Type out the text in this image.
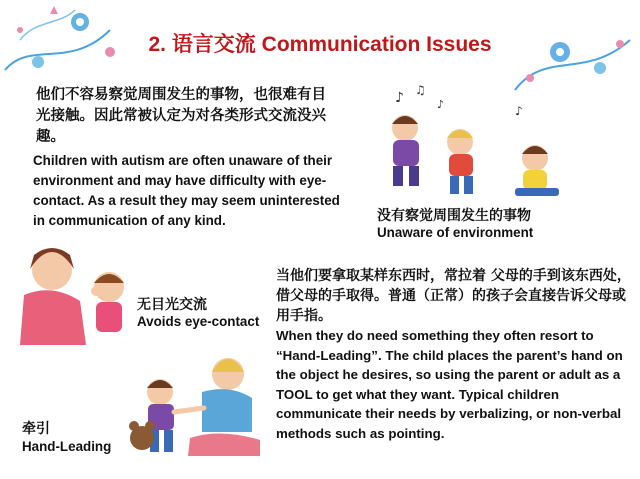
2. 语言交流 Communication Issues
他们不容易察觉周围发生的事物，也很难有目光接触。因此常被认定为对各类形式交流没兴趣。
Children with autism are often unaware of their environment and may have difficulty with eye-contact. As a result they may seem uninterested in communication of any kind.
♪ ♫
♪	♪
没有察觉周围发生的事物
Unaware of environment
无目光交流
Avoids eye-contact
当他们要拿取某样东西时，常拉着 父母的手到该东西处，借父母的手取得。普通（正常）的孩子会直接告诉父母或用手指。
When they do need something they often resort to “Hand-Leading”. The child places the parent’s hand on the object he desires, so using the parent or adult as a TOOL to get what they want. Typical children communicate their needs by verbalizing, or non-verbal methods such as pointing.
牵引
Hand-Leading
